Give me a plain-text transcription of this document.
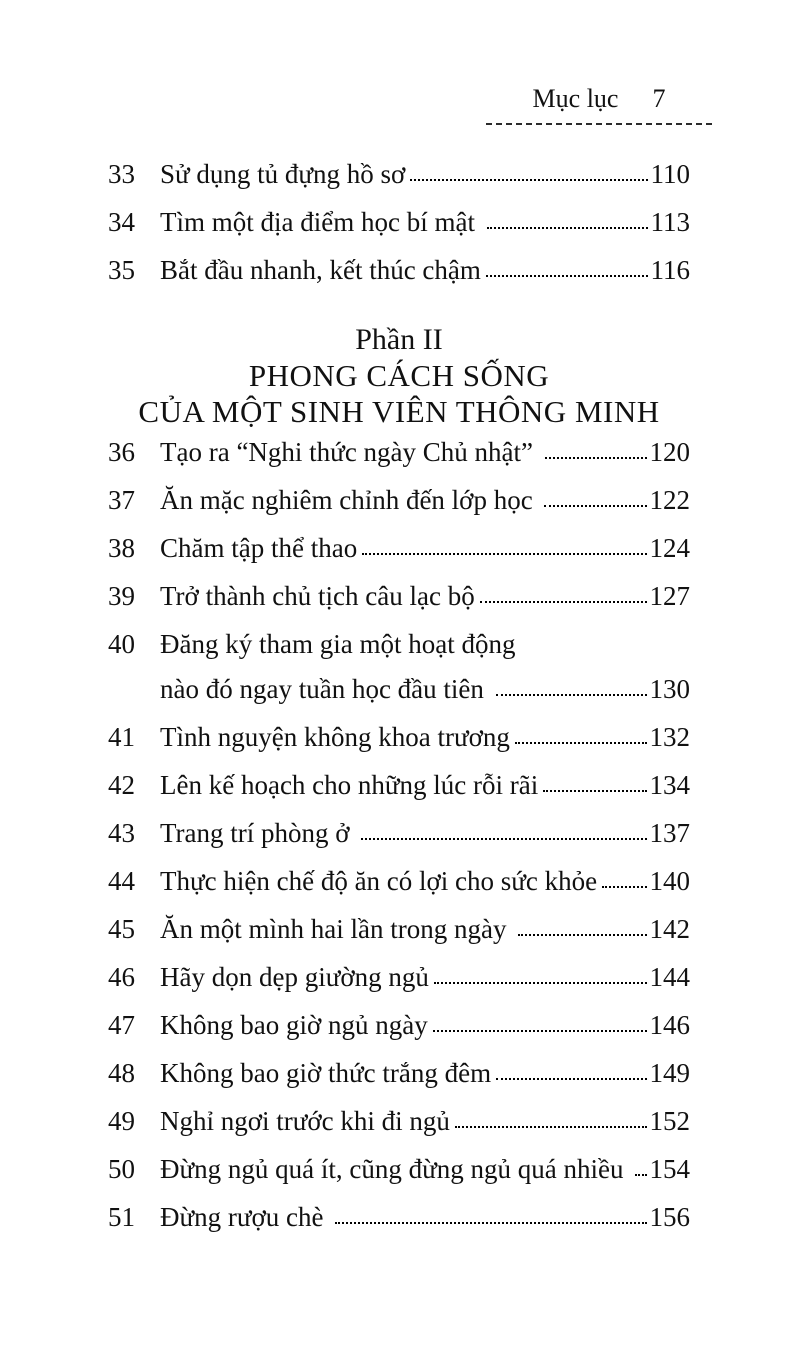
Mục lục 7
33 Sử dụng tủ đựng hồ sơ	110
34 Tìm một địa điểm học bí mật	113
35 Bắt đầu nhanh, kết thúc chậm	116
Phần II
PHONG CÁCH SỐNG
CỦA MỘT SINH VIÊN THÔNG MINH
36 Tạo ra “Nghi thức ngày Chủ nhật”	120
37 Ăn mặc nghiêm chỉnh đến lớp học	122
38 Chăm tập thể thao	124
39 Trở thành chủ tịch câu lạc bộ	127
40 Đăng ký tham gia một hoạt động
nào đó ngay tuần học đầu tiên	130
41 Tình nguyện không khoa trương	132
42 Lên kế hoạch cho những lúc rỗi rãi	134
43 Trang trí phòng ở	137
44 Thực hiện chế độ ăn có lợi cho sức khỏe 140
45 Ăn một mình hai lần trong ngày	142
46 Hãy dọn dẹp giường ngủ	144
47 Không bao giờ ngủ ngày	146
48 Không bao giờ thức trắng đêm	149
49 Nghỉ ngơi trước khi đi ngủ	152
50 Đừng ngủ quá ít, cũng đừng ngủ quá nhiều 154
51 Đừng rượu chè	156
